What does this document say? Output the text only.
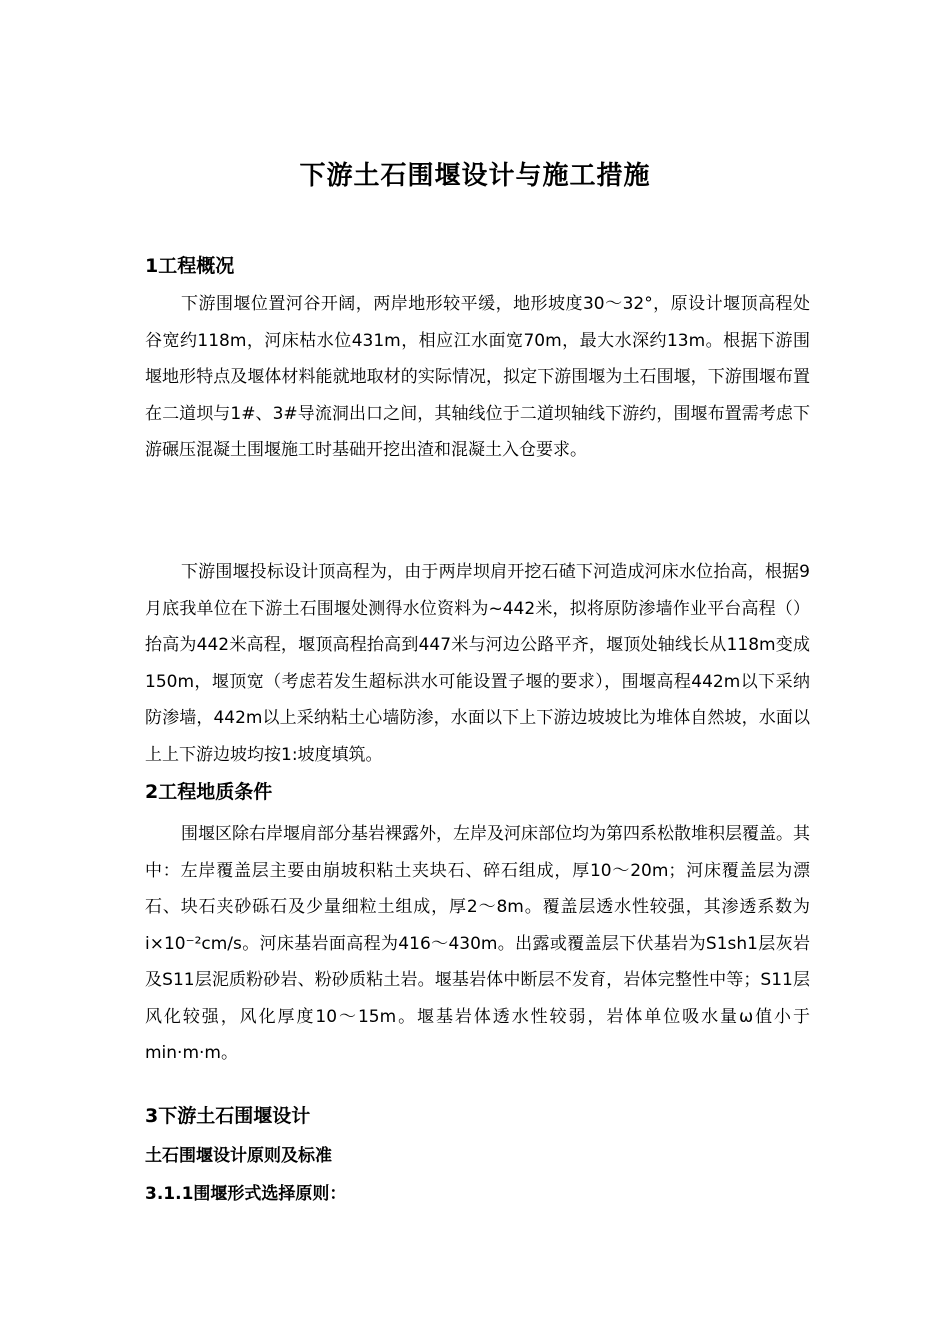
下游土石围堰设计与施工措施
1工程概况

下游围堰位置河谷开阔，两岸地形较平缓，地形坡度30～32°，原设计堰顶高程处谷宽约118m，河床枯水位431m，相应江水面宽70m，最大水深约13m。根据下游围堰地形特点及堰体材料能就地取材的实际情况，拟定下游围堰为土石围堰，下游围堰布置在二道坝与1#、3#导流洞出口之间，其轴线位于二道坝轴线下游约，围堰布置需考虑下游碾压混凝土围堰施工时基础开挖出渣和混凝土入仓要求。

下游围堰投标设计顶高程为，由于两岸坝肩开挖石碴下河造成河床水位抬高，根据9月底我单位在下游土石围堰处测得水位资料为~442米，拟将原防渗墙作业平台高程（）抬高为442米高程，堰顶高程抬高到447米与河边公路平齐，堰顶处轴线长从118m变成150m，堰顶宽（考虑若发生超标洪水可能设置子堰的要求），围堰高程442m以下采纳防渗墙，442m以上采纳粘土心墙防渗，水面以下上下游边坡坡比为堆体自然坡，水面以上上下游边坡均按1:坡度填筑。

2工程地质条件

围堰区除右岸堰肩部分基岩裸露外，左岸及河床部位均为第四系松散堆积层覆盖。其中：左岸覆盖层主要由崩坡积粘土夹块石、碎石组成，厚10～20m；河床覆盖层为漂石、块石夹砂砾石及少量细粒土组成，厚2～8m。覆盖层透水性较强，其渗透系数为i×10⁻²cm/s。河床基岩面高程为416～430m。出露或覆盖层下伏基岩为S1sh1层灰岩及S11层泥质粉砂岩、粉砂质粘土岩。堰基岩体中断层不发育，岩体完整性中等；S11层风化较强，风化厚度10～15m。堰基岩体透水性较弱，岩体单位吸水量ω值小于min·m·m。

3下游土石围堰设计
土石围堰设计原则及标准
3.1.1围堰形式选择原则：
